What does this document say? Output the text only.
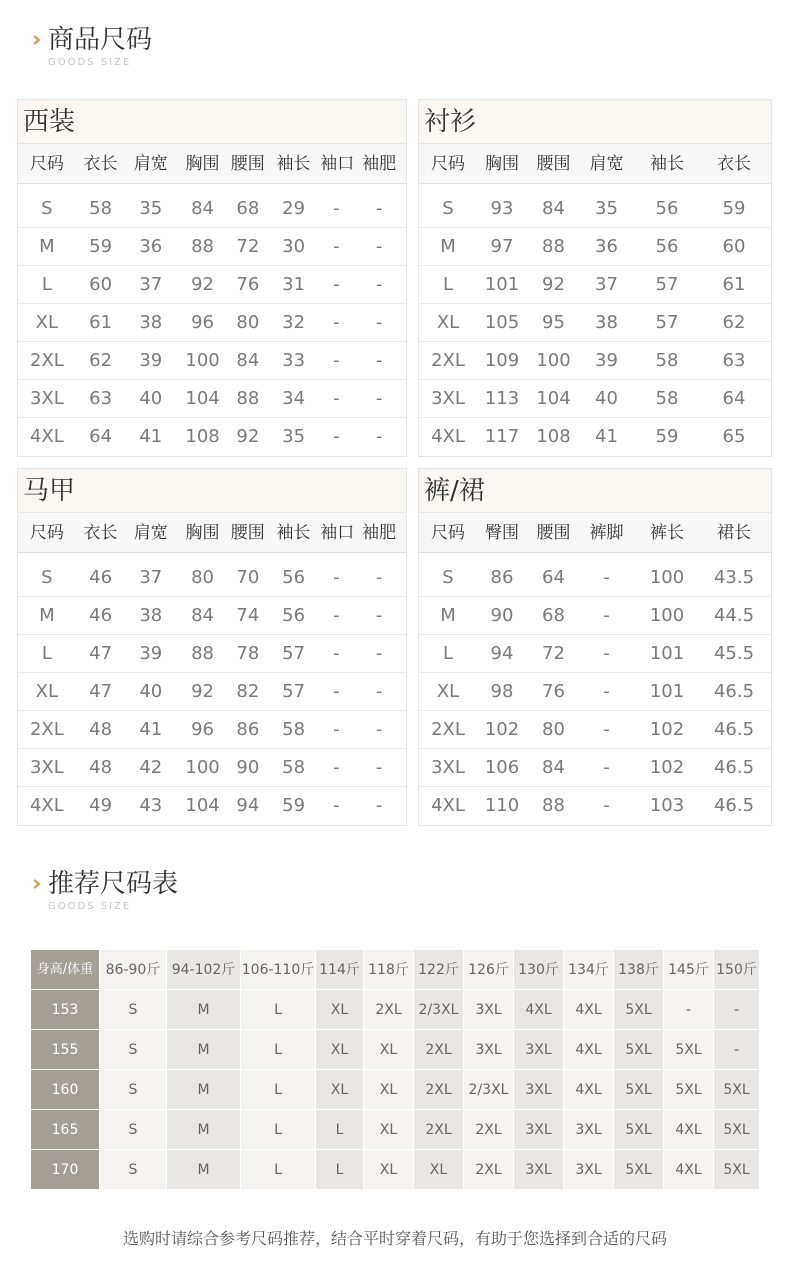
商品尺码
GOODS SIZE
西装
尺码	衣长 肩宽	胸围 腰围 袖长 袖口 袖肥
S	58	35	84	68	29	-	-
M	59	36	88	72	30	-	-
L	60	37	92	76	31	-	-
XL	61	38	96	80	32	-	-
2XL	62	39	100 84	33	-	-
3XL	63	40	104 88	34	-	-
4XL	64	41	108 92	35	-	-
衬衫
尺码	胸围	腰围	肩宽	袖长	衣长
S	93	84	35	56	59
M	97	88	36	56	60
L	101	92	37	57	61
XL	105	95	38	57	62
2XL	109 100	39	58	63
3XL	113 104	40	58	64
4XL	117 108	41	59	65
马甲
尺码	衣长 肩宽	胸围 腰围 袖长 袖口 袖肥
S	46	37	80	70	56	-	-
M	46	38	84	74	56	-	-
L	47	39	88	78	57	-	-
XL	47	40	92	82	57	-	-
2XL	48	41	96	86	58	-	-
3XL	48	42	100 90	58	-	-
4XL	49	43	104 94	59	-	-
裤/裙
尺码	臀围	腰围	裤脚	裤长	裙长
S	86	64	-	100	43.5
M	90	68	-	100	44.5
L	94	72	-	101	45.5
XL	98	76	-	101	46.5
2XL	102	80	-	102	46.5
3XL	106	84	-	102	46.5
4XL	110	88	-	103	46.5
推荐尺码表
GOODS SIZE
身高/体重 86-90斤 94-102斤 106-110斤 114斤 118斤 122斤 126斤 130斤 134斤 138斤 145斤 150斤
153	S	M	L	XL	2XL	2/3XL	3XL	4XL	4XL	5XL	-	-
155	S	M	L	XL	XL	2XL	3XL	3XL	4XL	5XL	5XL	-
160	S	M	L	XL	XL	2XL	2/3XL	3XL	4XL	5XL	5XL	5XL
165	S	M	L	L	XL	2XL	2XL	3XL	3XL	5XL	4XL	5XL
170	S	M	L	L	XL	XL	2XL	3XL	3XL	5XL	4XL	5XL
选购时请综合参考尺码推荐，结合平时穿着尺码，有助于您选择到合适的尺码
